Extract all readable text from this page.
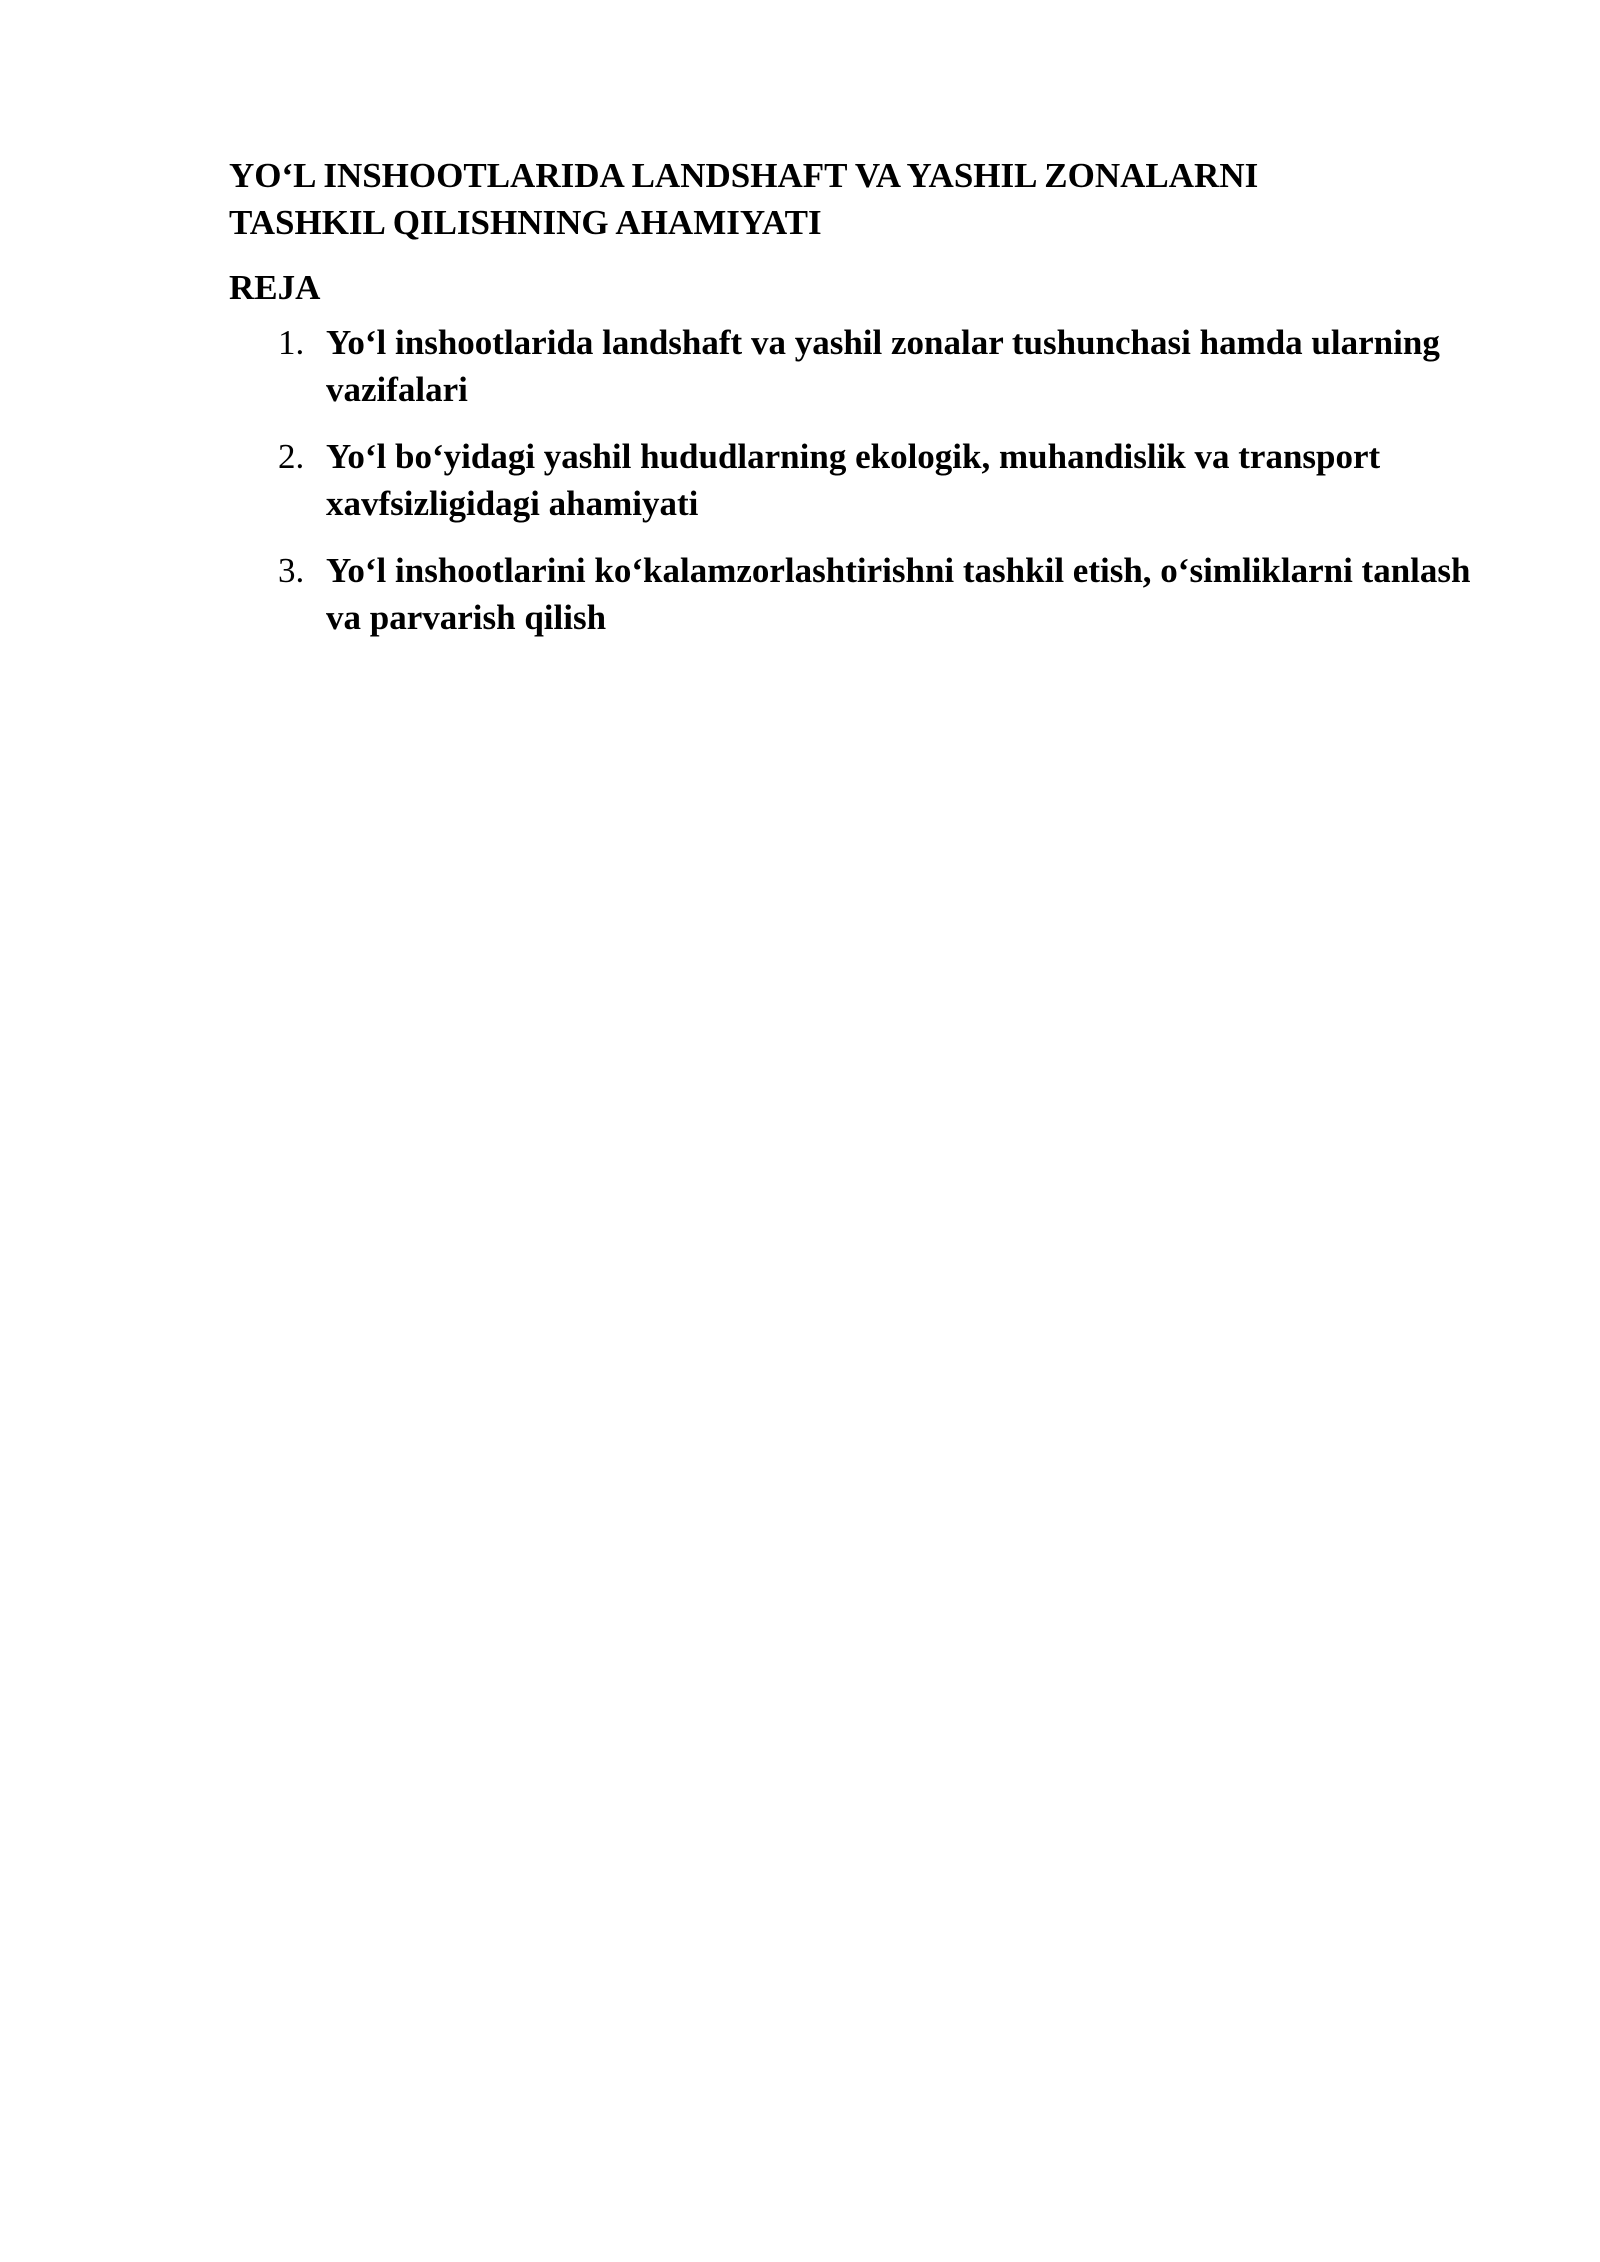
YO‘L INSHOOTLARIDA LANDSHAFT VA YASHIL ZONALARNI
TASHKIL QILISHNING AHAMIYATI
REJA
1. Yo‘l inshootlarida landshaft va yashil zonalar tushunchasi hamda ularning vazifalari
2. Yo‘l bo‘yidagi yashil hududlarning ekologik, muhandislik va transport xavfsizligidagi ahamiyati
3. Yo‘l inshootlarini ko‘kalamzorlashtirishni tashkil etish, o‘simliklarni tanlash va parvarish qilish
